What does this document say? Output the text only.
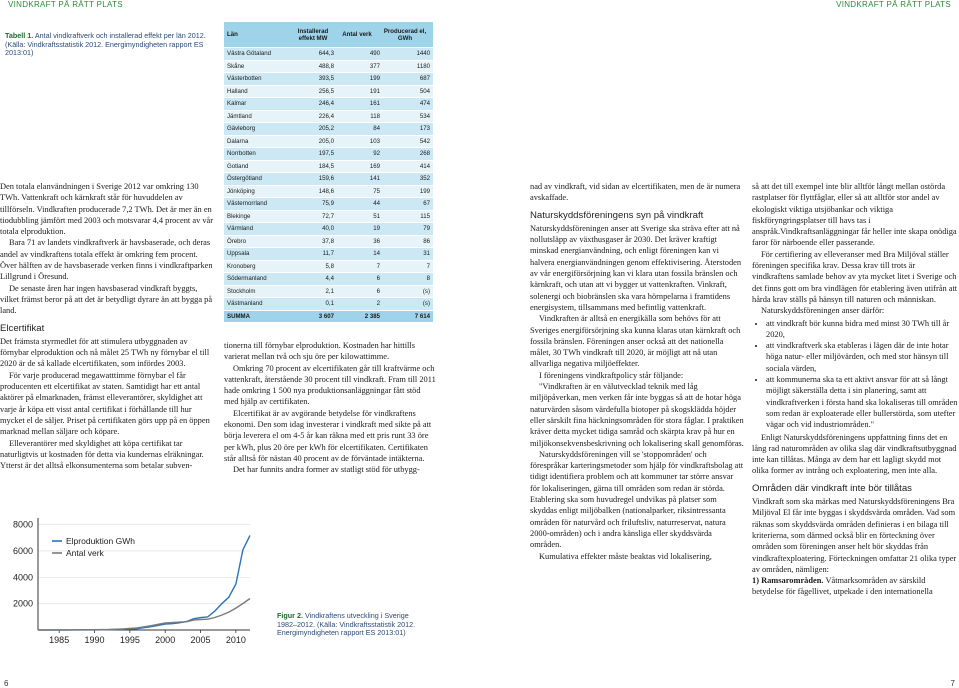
VINDKRAFT PÅ RÄTT PLATS	VINDKRAFT PÅ RÄTT PLATS
Tabell 1. Antal vindkraftverk och installerad effekt per län 2012. (Källa: Vindkraftsstatistik 2012. Energimyndigheten rapport ES 2013:01)
Län	Installerad effekt MW	Antal verk	Producerad el, GWh
Västra Götaland	644,3	490	1440
Skåne	488,8	377	1180
Västerbotten	393,5	199	687
Halland	256,5	191	504
Kalmar	246,4	161	474
Jämtland	226,4	118	534
Gävleborg	205,2	84	173
Dalarna	205,0	103	542
Norrbotten	197,5	92	268
Gotland	184,5	169	414
Östergötland	159,6	141	352
Jönköping	148,6	75	199
Västernorrland	75,9	44	67
Blekinge	72,7	51	115
Värmland	40,0	19	79
Örebro	37,8	36	86
Uppsala	11,7	14	31
Kronoberg	5,8	7	7
Södermanland	4,4	6	8
Stockholm	2,1	6	(s)
Västmanland	0,1	2	(s)
SUMMA	3 607	2 385	7 614

Den totala elanvändningen i Sverige 2012 var omkring 130 TWh. Vattenkraft och kärnkraft står för huvuddelen av tillförseln. Vindkraften producerade 7,2 TWh. Det är mer än en tiodubbling jämfört med 2003 och motsvarar 4,4 procent av vår totala elproduktion.

Bara 71 av landets vindkraftverk är havsbaserade, och deras andel av vindkraftens totala effekt är omkring fem procent. Över hälften av de havsbaserade verken finns i vindkraftparken Lillgrund i Öresund.

De senaste åren har ingen havsbaserad vindkraft byggts, vilket främst beror på att det är betydligt dyrare än att bygga på land.

Elcertifikat

Det främsta styrmedlet för att stimulera utbyggnaden av förnybar elproduktion och nå målet 25 TWh ny förnybar el till 2020 är de så kallade elcertifikaten, som infördes 2003.

För varje producerad megawatttimme förnybar el får producenten ett elcertifikat av staten. Samtidigt har ett antal aktörer på elmarknaden, främst elleverantörer, skyldighet att varje år köpa ett visst antal certifikat i förhållande till hur mycket el de säljer. Priset på certifikaten görs upp på en öppen marknad mellan säljare och köpare.

Elleverantörer med skyldighet att köpa certifikat tar naturligtvis ut kostnaden för detta via kundernas elräkningar. Ytterst är det alltså elkonsumenterna som betalar subven-

2000
4000
6000
8000
1985 1990 1995 2000 2005 2010
Elproduktion GWh
Antal verk
Figur 2. Vindkraftens utveckling i Sverige 1982–2012. (Källa: Vindkraftsstatistik 2012. Energimyndigheten rapport ES 2013:01)

tionerna till förnybar elproduktion. Kostnaden har hittills varierat mellan två och sju öre per kilowattimme.

Omkring 70 procent av elcertifikaten går till kraftvärme och vattenkraft, återstående 30 procent till vindkraft. Fram till 2011 hade omkring 1 500 nya produktionsanläggningar fått stöd med hjälp av certifikaten.

Elcertifikat är av avgörande betydelse för vindkraftens ekonomi. Den som idag investerar i vindkraft med sikte på att börja leverera el om 4-5 år kan räkna med ett pris runt 33 öre per kWh, plus 20 öre per kWh för elcertifikaten. Certifikaten står alltså för nästan 40 procent av de förväntade intäkterna.

Det har funnits andra former av statligt stöd för utbygg-

nad av vindkraft, vid sidan av elcertifikaten, men de är numera avskaffade.

Naturskyddsföreningens syn på vindkraft

Naturskyddsföreningen anser att Sverige ska sträva efter att nå nollutsläpp av växthusgaser år 2030. Det kräver kraftigt minskad energianvändning, och enligt föreningen kan vi halvera energianvändningen genom effektivisering. Återstoden av vår energiförsörjning kan vi klara utan fossila bränslen och kärnkraft, och utan att vi bygger ut vattenkraften. Vinkraft, solenergi och biobränslen ska vara hörnpelarna i framtidens energisystem, tillsammans med befintlig vattenkraft.

Vindkraften är alltså en energikälla som behövs för att Sveriges energiförsörjning ska kunna klaras utan kärnkraft och fossila bränslen. Föreningen anser också att det nationella målet, 30 TWh vindkraft till 2020, är möjligt att nå utan allvarliga negativa miljöeffekter.

I föreningens vindkraftpolicy står följande:

"Vindkraften är en välutvecklad teknik med låg miljöpåverkan, men verken får inte byggas så att de hotar höga naturvärden såsom värdefulla biotoper på skogsklädda höjder eller särskilt fina häckningsområden för stora fåglar. I praktiken kräver detta mycket tidiga samråd och skärpta krav på hur en miljökonsekvensbeskrivning och lokalisering skall genomföras.

Naturskyddsföreningen vill se 'stoppområden' och förespråkar karteringsmetoder som hjälp för vindkraftsbolag att tidigt identifiera problem och att kommuner tar större ansvar för lokaliseringen, gärna till områden som redan är störda. Etablering ska som huvudregel undvikas på platser som skyddas enligt miljöbalken (nationalparker, riksintressanta områden för naturvård och friluftsliv, naturreservat, natura 2000-områden) och i andra känsliga eller skyddsvärda områden.

Kumulativa effekter måste beaktas vid lokalisering,

så att det till exempel inte blir alltför långt mellan ostörda rastplatser för flyttfåglar, eller så att alltför stor andel av ekologiskt viktiga utsjöbankar och viktiga fiskföryngringsplatser till havs tas i anspråk.Vindkraftsanläggningar får heller inte skapa onödiga faror för närboende eller passerande.

För certifiering av elleveranser med Bra Miljöval ställer föreningen specifika krav. Dessa krav till trots är vindkraftens samlade behov av yta mycket litet i Sverige och det finns gott om bra vindlägen för etablering även utifrån att hårda krav ställs på hänsyn till naturen och människan.

Naturskyddsföreningen anser därför:

• att vindkraft bör kunna bidra med minst 30 TWh till år 2020,
• att vindkraftverk ska etableras i lägen där de inte hotar höga natur- eller miljövärden, och med stor hänsyn till sociala värden,
• att kommunerna ska ta ett aktivt ansvar för att så långt möjligt säkerställa detta i sin planering, samt att vindkraftverken i första hand ska lokaliseras till områden som redan är exploaterade eller bullerstörda, som utefter vägar och vid industriområden."

Enligt Naturskyddsföreningens uppfattning finns det en lång rad naturområden av olika slag där vindkraftsutbyggnad inte kan tillåtas. Många av dem har ett lagligt skydd mot olika former av intrång och exploatering, men inte alla.

Områden där vindkraft inte bör tillåtas

Vindkraft som ska märkas med Naturskyddsföreningens Bra Miljöval El får inte byggas i skyddsvärda områden. Vad som räknas som skyddsvärda områden definieras i en bilaga till kriterierna, som därmed också blir en förteckning över områden som föreningen anser helt bör skyddas från vindkraftexploatering. Förteckningen omfattar 21 olika typer av områden, nämligen:

1) Ramsarområden. Våtmarksområden av särskild betydelse för fågellivet, utpekade i den internationella

6	7
